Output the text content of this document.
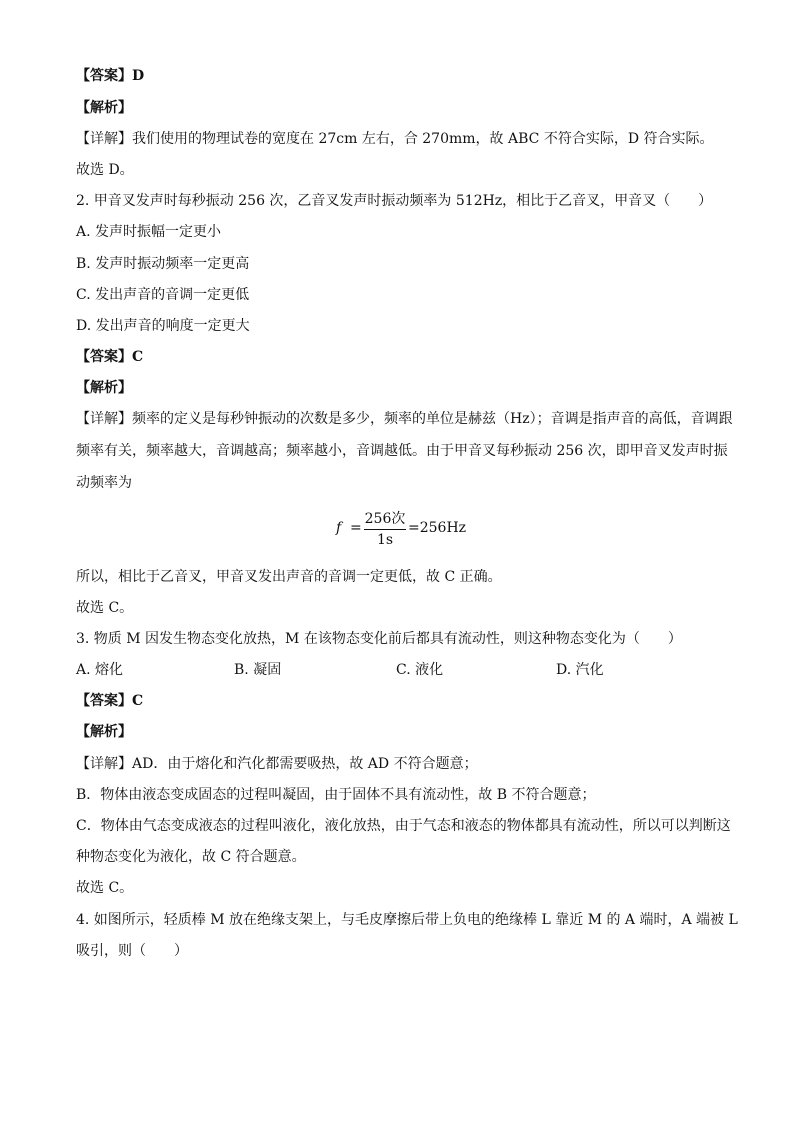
【答案】D
【解析】
【详解】我们使用的物理试卷的宽度在 27cm 左右，合 270mm，故 ABC 不符合实际，D 符合实际。
故选 D。
2. 甲音叉发声时每秒振动 256 次，乙音叉发声时振动频率为 512Hz，相比于乙音叉，甲音叉（　　）
A. 发声时振幅一定更小
B. 发声时振动频率一定更高
C. 发出声音的音调一定更低
D. 发出声音的响度一定更大
【答案】C
【解析】
【详解】频率的定义是每秒钟振动的次数是多少，频率的单位是赫兹（Hz）；音调是指声音的高低，音调跟
频率有关，频率越大，音调越高；频率越小，音调越低。由于甲音叉每秒振动 256 次，即甲音叉发声时振
动频率为
f =
256次
1s
=256Hz
所以，相比于乙音叉，甲音叉发出声音的音调一定更低，故 C 正确。
故选 C。
3. 物质 M 因发生物态变化放热，M 在该物态变化前后都具有流动性，则这种物态变化为（　　）
A. 熔化	B. 凝固	C. 液化	D. 汽化
【答案】C
【解析】
【详解】AD．由于熔化和汽化都需要吸热，故 AD 不符合题意；
B．物体由液态变成固态的过程叫凝固，由于固体不具有流动性，故 B 不符合题意；
C．物体由气态变成液态的过程叫液化，液化放热，由于气态和液态的物体都具有流动性，所以可以判断这
种物态变化为液化，故 C 符合题意。
故选 C。
4. 如图所示，轻质棒 M 放在绝缘支架上，与毛皮摩擦后带上负电的绝缘棒 L 靠近 M 的 A 端时，A 端被 L
吸引，则（　　）
